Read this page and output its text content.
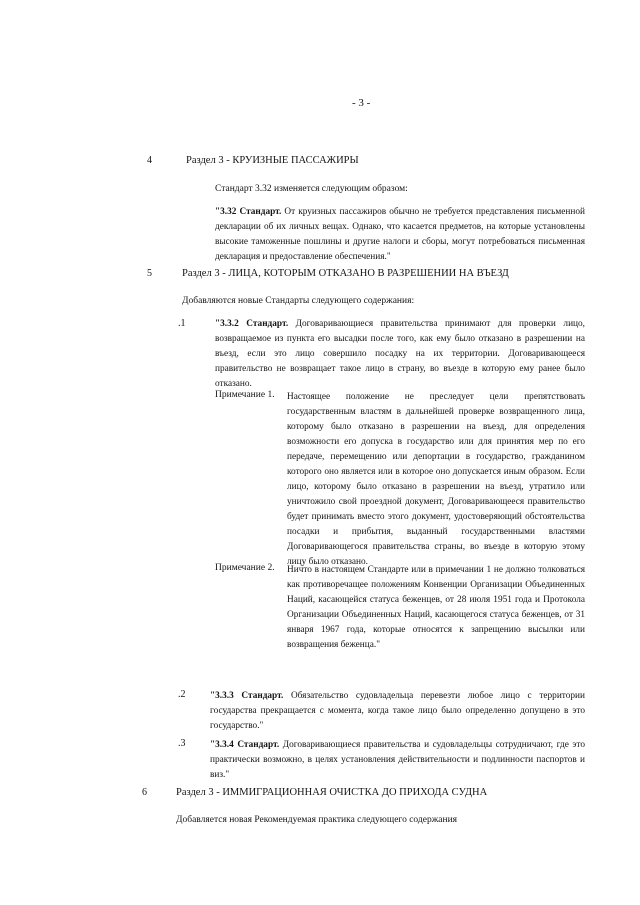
- 3 -
4	Раздел 3 - КРУИЗНЫЕ ПАССАЖИРЫ
Стандарт 3.32 изменяется следующим образом:
"3.32 Стандарт. От круизных пассажиров обычно не требуется представления письменной декларации об их личных вещах. Однако, что касается предметов, на которые установлены высокие таможенные пошлины и другие налоги и сборы, могут потребоваться письменная декларация и предоставление обеспечения."
5	Раздел 3 - ЛИЦА, КОТОРЫМ ОТКАЗАНО В РАЗРЕШЕНИИ НА ВЪЕЗД
Добавляются новые Стандарты следующего содержания:
.1	"3.3.2 Стандарт. Договаривающиеся правительства принимают для проверки лицо, возвращаемое из пункта его высадки после того, как ему было отказано в разрешении на въезд, если это лицо совершило посадку на их территории. Договаривающееся правительство не возвращает такое лицо в страну, во въезде в которую ему ранее было отказано.
Примечание 1. Настоящее положение не преследует цели препятствовать государственным властям в дальнейшей проверке возвращенного лица, которому было отказано в разрешении на въезд, для определения возможности его допуска в государство или для принятия мер по его передаче, перемещению или депортации в государство, гражданином которого оно является или в которое оно допускается иным образом. Если лицо, которому было отказано в разрешении на въезд, утратило или уничтожило свой проездной документ, Договаривающееся правительство будет принимать вместо этого документ, удостоверяющий обстоятельства посадки и прибытия, выданный государственными властями Договаривающегося правительства страны, во въезде в которую этому лицу было отказано.
Примечание 2. Ничто в настоящем Стандарте или в примечании 1 не должно толковаться как противоречащее положениям Конвенции Организации Объединенных Наций, касающейся статуса беженцев, от 28 июля 1951 года и Протокола Организации Объединенных Наций, касающегося статуса беженцев, от 31 января 1967 года, которые относятся к запрещению высылки или возвращения беженца."
.2	"3.3.3 Стандарт. Обязательство судовладельца перевезти любое лицо с территории государства прекращается с момента, когда такое лицо было определенно допущено в это государство."
.3	"3.3.4 Стандарт. Договаривающиеся правительства и судовладельцы сотрудничают, где это практически возможно, в целях установления действительности и подлинности паспортов и виз."
6	Раздел 3 - ИММИГРАЦИОННАЯ ОЧИСТКА ДО ПРИХОДА СУДНА
Добавляется новая Рекомендуемая практика следующего содержания
